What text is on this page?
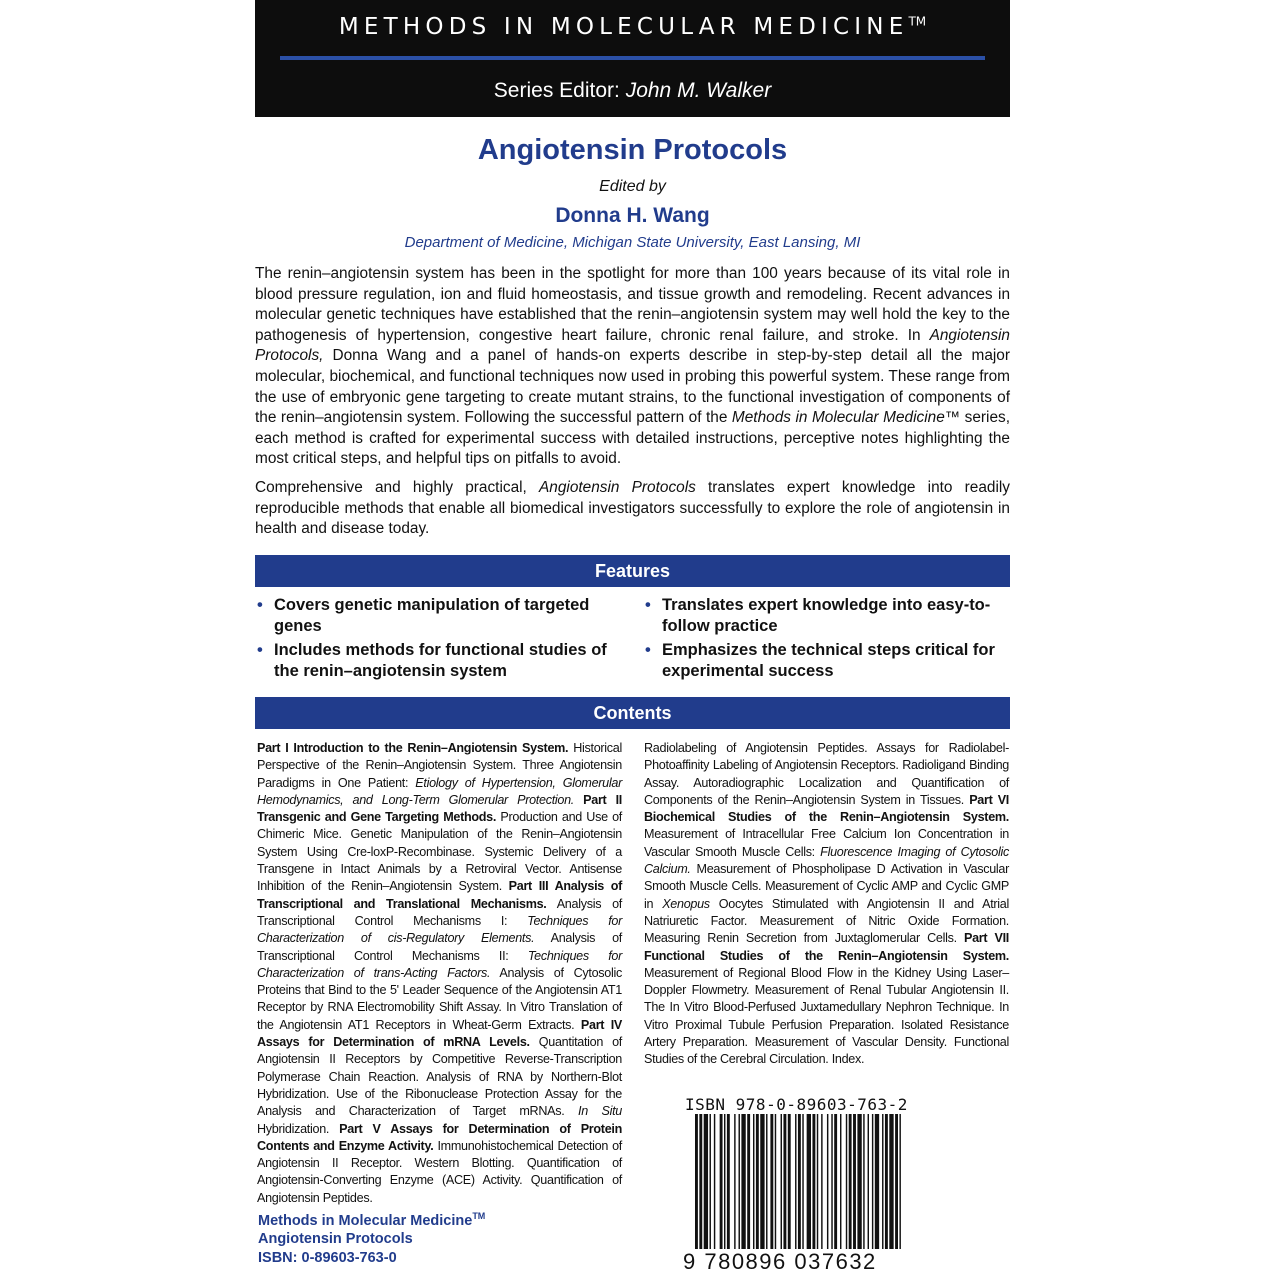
METHODS IN MOLECULAR MEDICINE™
Series Editor: John M. Walker
Angiotensin Protocols
Edited by
Donna H. Wang
Department of Medicine, Michigan State University, East Lansing, MI

The renin–angiotensin system has been in the spotlight for more than 100 years because of its vital role in blood pressure regulation, ion and fluid homeostasis, and tissue growth and remodeling. Recent advances in molecular genetic techniques have established that the renin–angiotensin system may well hold the key to the pathogenesis of hypertension, congestive heart failure, chronic renal failure, and stroke. In Angiotensin Protocols, Donna Wang and a panel of hands-on experts describe in step-by-step detail all the major molecular, biochemical, and functional techniques now used in probing this powerful system. These range from the use of embryonic gene targeting to create mutant strains, to the functional investigation of components of the renin–angiotensin system. Following the successful pattern of the Methods in Molecular Medicine™ series, each method is crafted for experimental success with detailed instructions, perceptive notes highlighting the most critical steps, and helpful tips on pitfalls to avoid.

Comprehensive and highly practical, Angiotensin Protocols translates expert knowledge into readily reproducible methods that enable all biomedical investigators successfully to explore the role of angiotensin in health and disease today.

Features
• Covers genetic manipulation of targeted genes
• Includes methods for functional studies of the renin–angiotensin system
• Translates expert knowledge into easy-to-follow practice
• Emphasizes the technical steps critical for experimental success
Contents
Part I Introduction to the Renin–Angiotensin System. Historical Perspective of the Renin–Angiotensin System. Three Angiotensin Paradigms in One Patient: Etiology of Hypertension, Glomerular Hemodynamics, and Long-Term Glomerular Protection. Part II Transgenic and Gene Targeting Methods. Production and Use of Chimeric Mice. Genetic Manipulation of the Renin–Angiotensin System Using Cre-loxP-Recombinase. Systemic Delivery of a Transgene in Intact Animals by a Retroviral Vector. Antisense Inhibition of the Renin–Angiotensin System. Part III Analysis of Transcriptional and Translational Mechanisms. Analysis of Transcriptional Control Mechanisms I: Techniques for Characterization of cis-Regulatory Elements. Analysis of Transcriptional Control Mechanisms II: Techniques for Characterization of trans-Acting Factors. Analysis of Cytosolic Proteins that Bind to the 5' Leader Sequence of the Angiotensin AT1 Receptor by RNA Electromobility Shift Assay. In Vitro Translation of the Angiotensin AT1 Receptors in Wheat-Germ Extracts. Part IV Assays for Determination of mRNA Levels. Quantitation of Angiotensin II Receptors by Competitive Reverse-Transcription Polymerase Chain Reaction. Analysis of RNA by Northern-Blot Hybridization. Use of the Ribonuclease Protection Assay for the Analysis and Characterization of Target mRNAs. In Situ Hybridization. Part V Assays for Determination of Protein Contents and Enzyme Activity. Immunohistochemical Detection of Angiotensin II Receptor. Western Blotting. Quantification of Angiotensin-Converting Enzyme (ACE) Activity. Quantification of Angiotensin Peptides.
Radiolabeling of Angiotensin Peptides. Assays for Radiolabel-Photoaffinity Labeling of Angiotensin Receptors. Radioligand Binding Assay. Autoradiographic Localization and Quantification of Components of the Renin–Angiotensin System in Tissues. Part VI Biochemical Studies of the Renin–Angiotensin System. Measurement of Intracellular Free Calcium Ion Concentration in Vascular Smooth Muscle Cells: Fluorescence Imaging of Cytosolic Calcium. Measurement of Phospholipase D Activation in Vascular Smooth Muscle Cells. Measurement of Cyclic AMP and Cyclic GMP in Xenopus Oocytes Stimulated with Angiotensin II and Atrial Natriuretic Factor. Measurement of Nitric Oxide Formation. Measuring Renin Secretion from Juxtaglomerular Cells. Part VII Functional Studies of the Renin–Angiotensin System. Measurement of Regional Blood Flow in the Kidney Using Laser–Doppler Flowmetry. Measurement of Renal Tubular Angiotensin II. The In Vitro Blood-Perfused Juxtamedullary Nephron Technique. In Vitro Proximal Tubule Perfusion Preparation. Isolated Resistance Artery Preparation. Measurement of Vascular Density. Functional Studies of the Cerebral Circulation. Index.
ISBN 978-0-89603-763-2
9 780896 037632
Methods in Molecular Medicine™
Angiotensin Protocols
ISBN: 0-89603-763-0
